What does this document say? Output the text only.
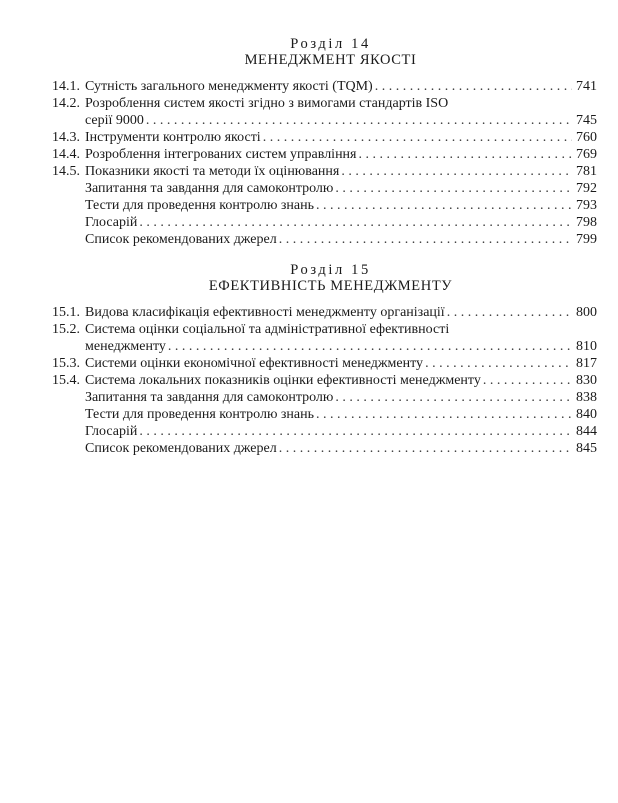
Розділ 14

МЕНЕДЖМЕНТ ЯКОСТІ

14.1. Сутність загального менеджменту якості (TQM) . . .	741
14.2. Розроблення систем якості згідно з вимогами стандартів ISO
серії 9000 . . .	745
14.3. Інструменти контролю якості . . .	760
14.4. Розроблення інтегрованих систем управління . . .	769
14.5. Показники якості та методи їх оцінювання . . .	781
Запитання та завдання для самоконтролю . . .	792
Тести для проведення контролю знань . . .	793
Глосарій . . .	798
Список рекомендованих джерел . . .	799

Розділ 15

ЕФЕКТИВНІСТЬ МЕНЕДЖМЕНТУ

15.1. Видова класифікація ефективності менеджменту організації . . .	800
15.2. Система оцінки соціальної та адміністративної ефективності
менеджменту . . .	810
15.3. Системи оцінки економічної ефективності менеджменту . . .	817
15.4. Система локальних показників оцінки ефективності менеджменту . . .	830
Запитання та завдання для самоконтролю . . .	838
Тести для проведення контролю знань . . .	840
Глосарій . . .	844
Список рекомендованих джерел . . .	845
